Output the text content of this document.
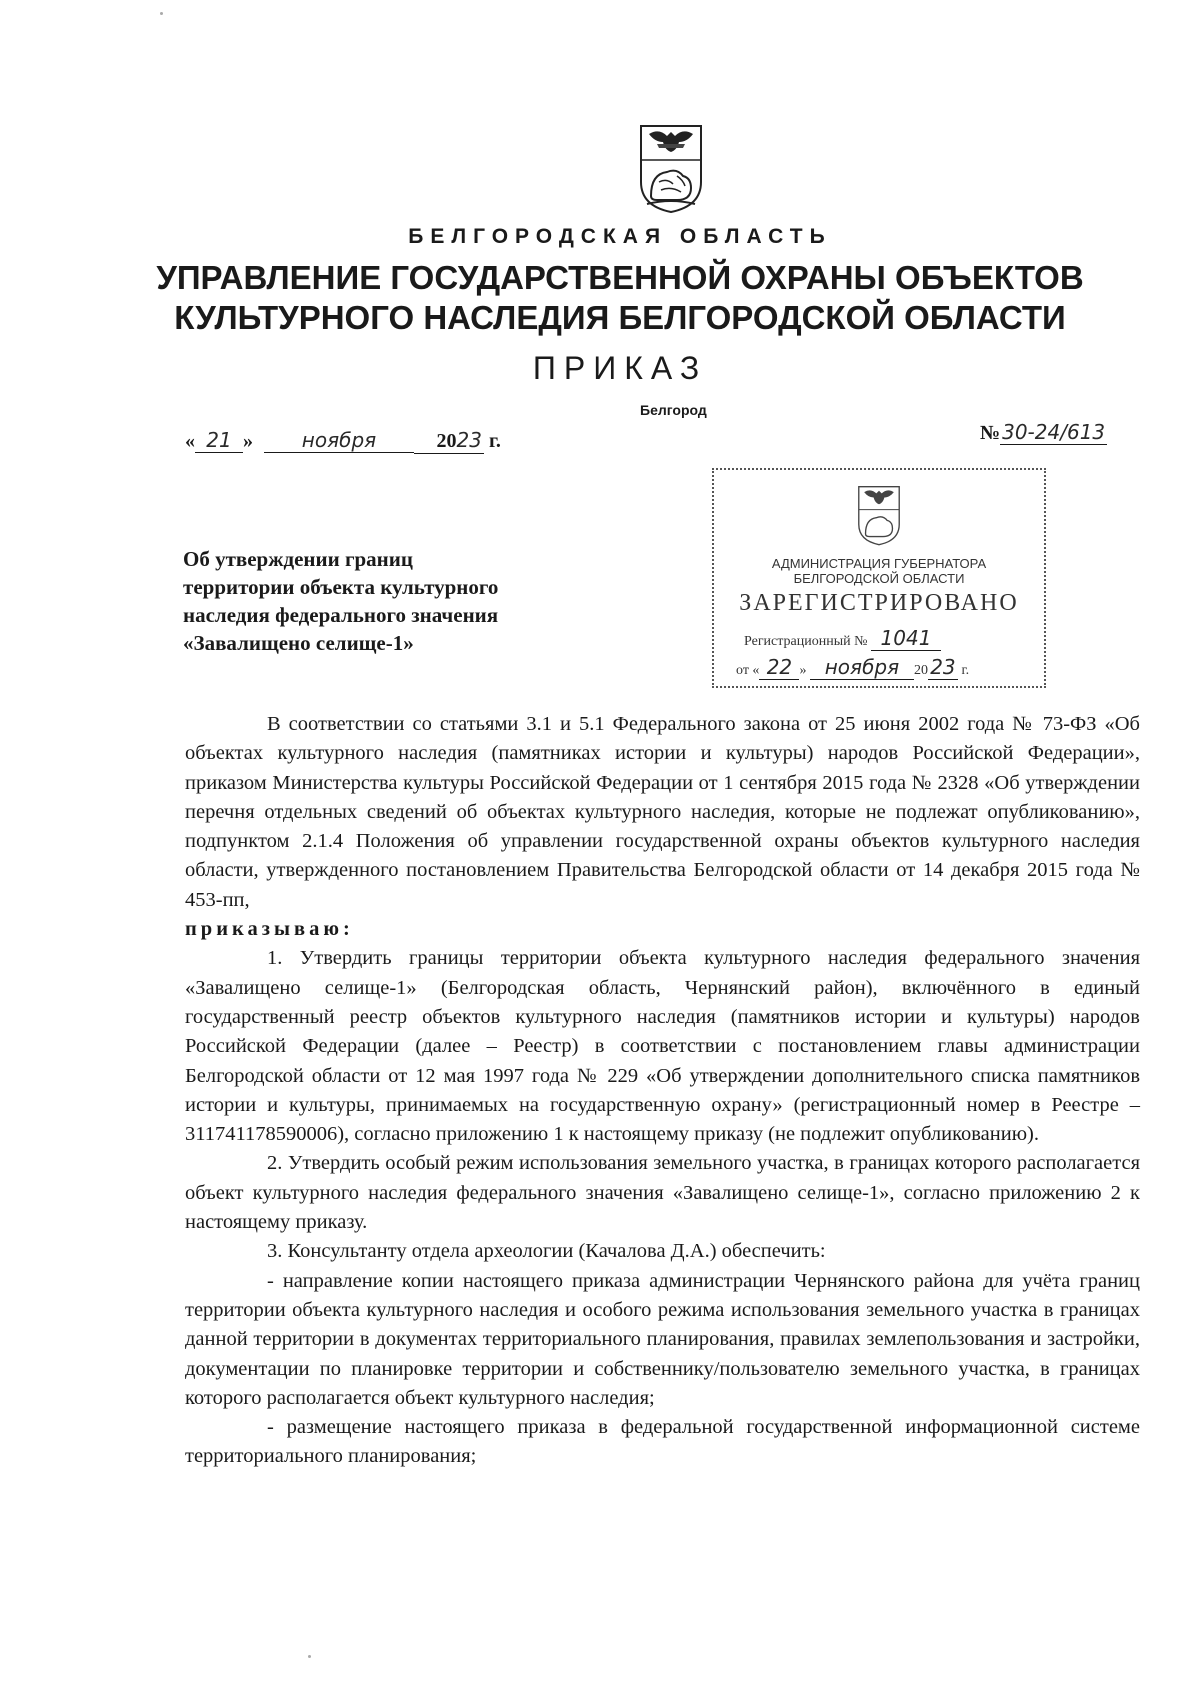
БЕЛГОРОДСКАЯ ОБЛАСТЬ
УПРАВЛЕНИЕ ГОСУДАРСТВЕННОЙ ОХРАНЫ ОБЪЕКТОВ
КУЛЬТУРНОГО НАСЛЕДИЯ БЕЛГОРОДСКОЙ ОБЛАСТИ
ПРИКАЗ
Белгород
« 21 » ноября	2023 г.	№ 30-24/613
АДМИНИСТРАЦИЯ ГУБЕРНАТОРА
БЕЛГОРОДСКОЙ ОБЛАСТИ
ЗАРЕГИСТРИРОВАНО
Регистрационный № 1041
от « 22 » ноября 20 23 г.
Об утверждении границ
территории объекта культурного
наследия федерального значения
«Завалищено селище-1»

В соответствии со статьями 3.1 и 5.1 Федерального закона от 25 июня 2002 года № 73-ФЗ «Об объектах культурного наследия (памятниках истории и культуры) народов Российской Федерации», приказом Министерства культуры Российской Федерации от 1 сентября 2015 года № 2328 «Об утверждении перечня отдельных сведений об объектах культурного наследия, которые не подлежат опубликованию», подпунктом 2.1.4 Положения об управлении государственной охраны объектов культурного наследия области, утвержденного постановлением Правительства Белгородской области от 14 декабря 2015 года № 453-пп,

приказываю:

1. Утвердить границы территории объекта культурного наследия федерального значения «Завалищено селище-1» (Белгородская область, Чернянский район), включённого в единый государственный реестр объектов культурного наследия (памятников истории и культуры) народов Российской Федерации (далее – Реестр) в соответствии с постановлением главы администрации Белгородской области от 12 мая 1997 года № 229 «Об утверждении дополнительного списка памятников истории и культуры, принимаемых на государственную охрану» (регистрационный номер в Реестре – 311741178590006), согласно приложению 1 к настоящему приказу (не подлежит опубликованию).

2. Утвердить особый режим использования земельного участка, в границах которого располагается объект культурного наследия федерального значения «Завалищено селище-1», согласно приложению 2 к настоящему приказу.

3. Консультанту отдела археологии (Качалова Д.А.) обеспечить:

- направление копии настоящего приказа администрации Чернянского района для учёта границ территории объекта культурного наследия и особого режима использования земельного участка в границах данной территории в документах территориального планирования, правилах землепользования и застройки, документации по планировке территории и собственнику/пользователю земельного участка, в границах которого располагается объект культурного наследия;

- размещение настоящего приказа в федеральной государственной информационной системе территориального планирования;
